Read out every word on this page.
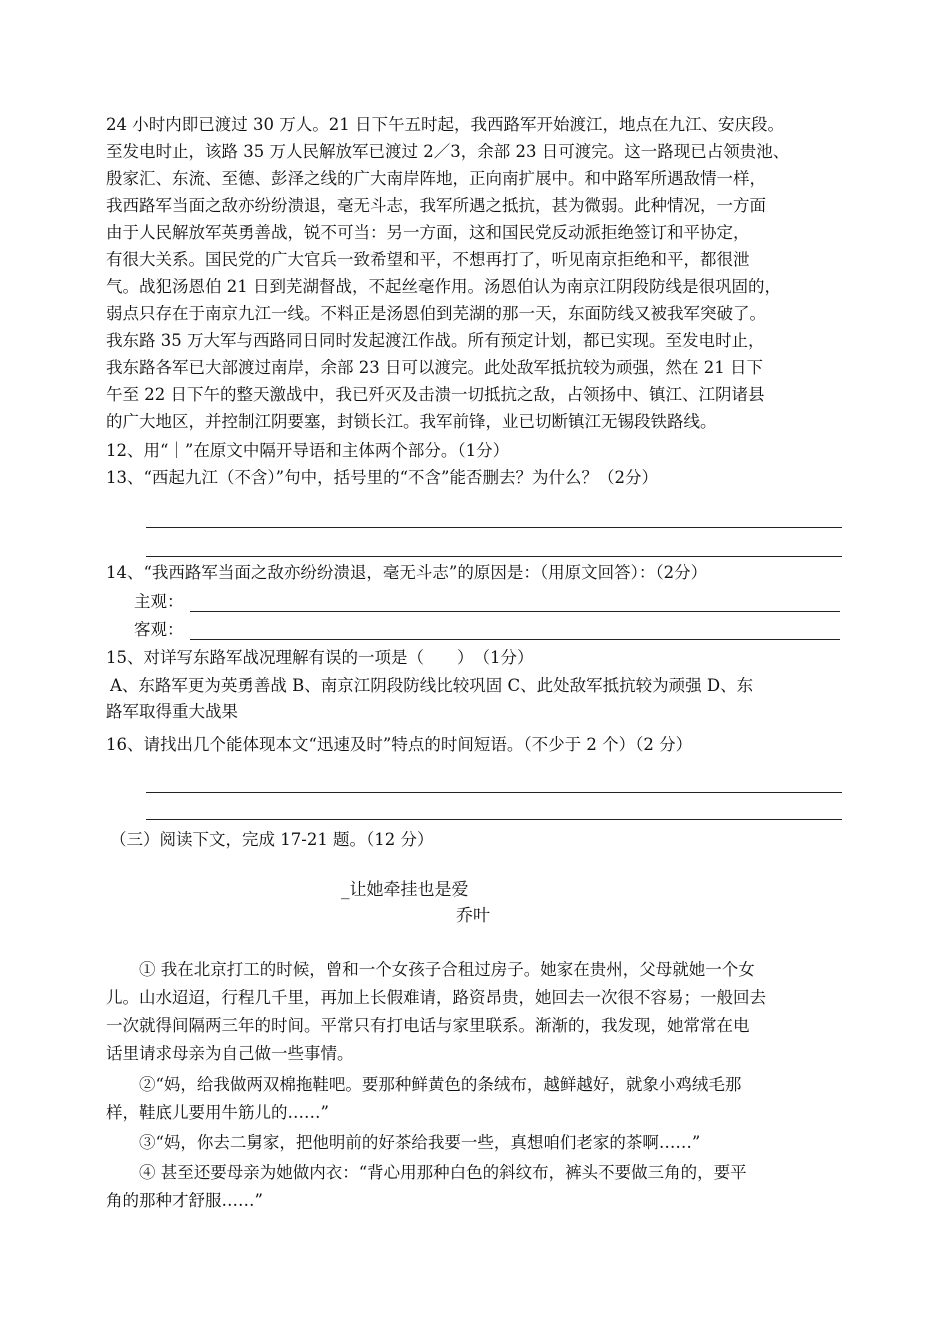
24 小时内即已渡过 30 万人。21 日下午五时起，我西路军开始渡江，地点在九江、安庆段。
至发电时止，该路 35 万人民解放军已渡过 2／3，余部 23 日可渡完。这一路现已占领贵池、
殷家汇、东流、至德、彭泽之线的广大南岸阵地，正向南扩展中。和中路军所遇敌情一样，
我西路军当面之敌亦纷纷溃退，毫无斗志，我军所遇之抵抗，甚为微弱。此种情况，一方面
由于人民解放军英勇善战，锐不可当：另一方面，这和国民党反动派拒绝签订和平协定，
有很大关系。国民党的广大官兵一致希望和平，不想再打了，听见南京拒绝和平，都很泄
气。战犯汤恩伯 21 日到芜湖督战，不起丝毫作用。汤恩伯认为南京江阴段防线是很巩固的，
弱点只存在于南京九江一线。不料正是汤恩伯到芜湖的那一天，东面防线又被我军突破了。
我东路 35 万大军与西路同日同时发起渡江作战。所有预定计划，都已实现。至发电时止，
我东路各军已大部渡过南岸，余部 23 日可以渡完。此处敌军抵抗较为顽强，然在 21 日下
午至 22 日下午的整天激战中，我已歼灭及击溃一切抵抗之敌，占领扬中、镇江、江阴诸县
的广大地区，并控制江阴要塞，封锁长江。我军前锋，业已切断镇江无锡段铁路线。
12、用“｜”在原文中隔开导语和主体两个部分。（1分）
13、“西起九江（不含）”句中，括号里的“不含”能否删去？为什么？（2分）
14、“我西路军当面之敌亦纷纷溃退，毫无斗志”的原因是：（用原文回答）：（2分）
主观：
客观：
15、对详写东路军战况理解有误的一项是（　　）　（1分）
A、东路军更为英勇善战 B、南京江阴段防线比较巩固 C、此处敌军抵抗较为顽强 D、东
路军取得重大战果
16、请找出几个能体现本文“迅速及时”特点的时间短语。（不少于 2 个）（2 分）
（三）阅读下文，完成 17-21 题。（12 分）
_让她牵挂也是爱
乔叶
　　① 我在北京打工的时候，曾和一个女孩子合租过房子。她家在贵州，父母就她一个女
儿。山水迢迢，行程几千里，再加上长假难请，路资昂贵，她回去一次很不容易；一般回去
一次就得间隔两三年的时间。平常只有打电话与家里联系。渐渐的，我发现，她常常在电
话里请求母亲为自己做一些事情。
　　②“妈，给我做两双棉拖鞋吧。要那种鲜黄色的条绒布，越鲜越好，就象小鸡绒毛那
样，鞋底儿要用牛筋儿的……”
　　③“妈，你去二舅家，把他明前的好茶给我要一些，真想咱们老家的茶啊……”
　　④ 甚至还要母亲为她做内衣：“背心用那种白色的斜纹布，裤头不要做三角的，要平
角的那种才舒服……”
